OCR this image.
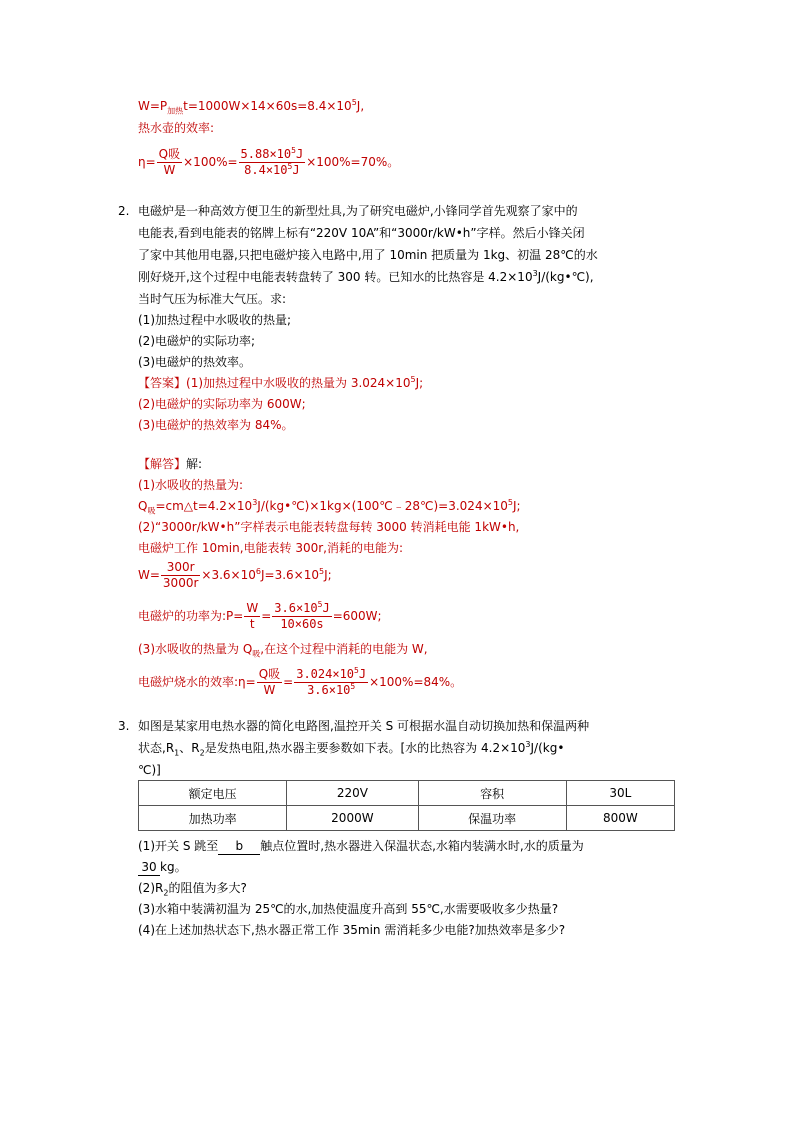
$W=P_{加热}t=1000W\times 14\times 60s=8.4\times 10^5J$,
热水壶的效率:
$\eta= \frac{\text{Q吸}}{W} \times 100\%= \frac{5.88\times 10^5J}{8.4\times 10^5J} \times 100\%=70\%$。
2. 电磁炉是一种高效方便卫生的新型灶具,为了研究电磁炉,小锋同学首先观察了家中的
电能表,看到电能表的铭牌上标有“220V 10A”和“3000r/kW•h”字样。然后小锋关闭
了家中其他用电器,只把电磁炉接入电路中,用了 10min 把质量为 1kg、初温 28℃的水
刚好烧开,这个过程中电能表转盘转了 300 转。已知水的比热容是 $4.2\times 10^3J/(kg•℃)$,
当时气压为标准大气压。求:
(1)加热过程中水吸收的热量;
(2)电磁炉的实际功率;
(3)电磁炉的热效率。
【答案】(1)加热过程中水吸收的热量为 $3.024\times 10^5J$;
(2)电磁炉的实际功率为 600W;
(3)电磁炉的热效率为 84%。
【解答】解:
(1)水吸收的热量为:
$Q_吸=cm\triangle t=4.2\times 10^3J/(kg•℃)\times 1kg\times(100℃﹣28℃)=3.024\times 10^5J$;
(2)“3000r/kW•h”字样表示电能表转盘每转 3000 转消耗电能 1kW•h,
电磁炉工作 10min,电能表转 300r,消耗的电能为:
$W= \frac{300r}{3000r} \times 3.6\times 10^6J=3.6\times 10^5J$;
电磁炉的功率为:P= $\frac{W}{t} = \frac{3.6\times 10^5J}{10\times 60s} =600W$;
(3)水吸收的热量为 $Q_吸$,在这个过程中消耗的电能为 W,
电磁炉烧水的效率:η= $\frac{\text{Q吸}}{W} = \frac{3.024\times 10^5J}{3.6\times 10^5} \times 100\%=84\%$。
3. 如图是某家用电热水器的简化电路图,温控开关 S 可根据水温自动切换加热和保温两种
状态$,R_1$、$R_2$是发热电阻,热水器主要参数如下表。[水的比热容为 $4.2\times 10^3J/(kg•$
℃)]
额定电压	220V	容积	30L
加热功率	2000W	保温功率	800W
(1)开关 S 跳至 b 触点位置时,热水器进入保温状态,水箱内装满水时,水的质量为
30 kg。
$(2)R_2$的阻值为多大?
(3)水箱中装满初温为 25℃的水,加热使温度升高到 55℃,水需要吸收多少热量?
(4)在上述加热状态下,热水器正常工作 35min 需消耗多少电能?加热效率是多少?
